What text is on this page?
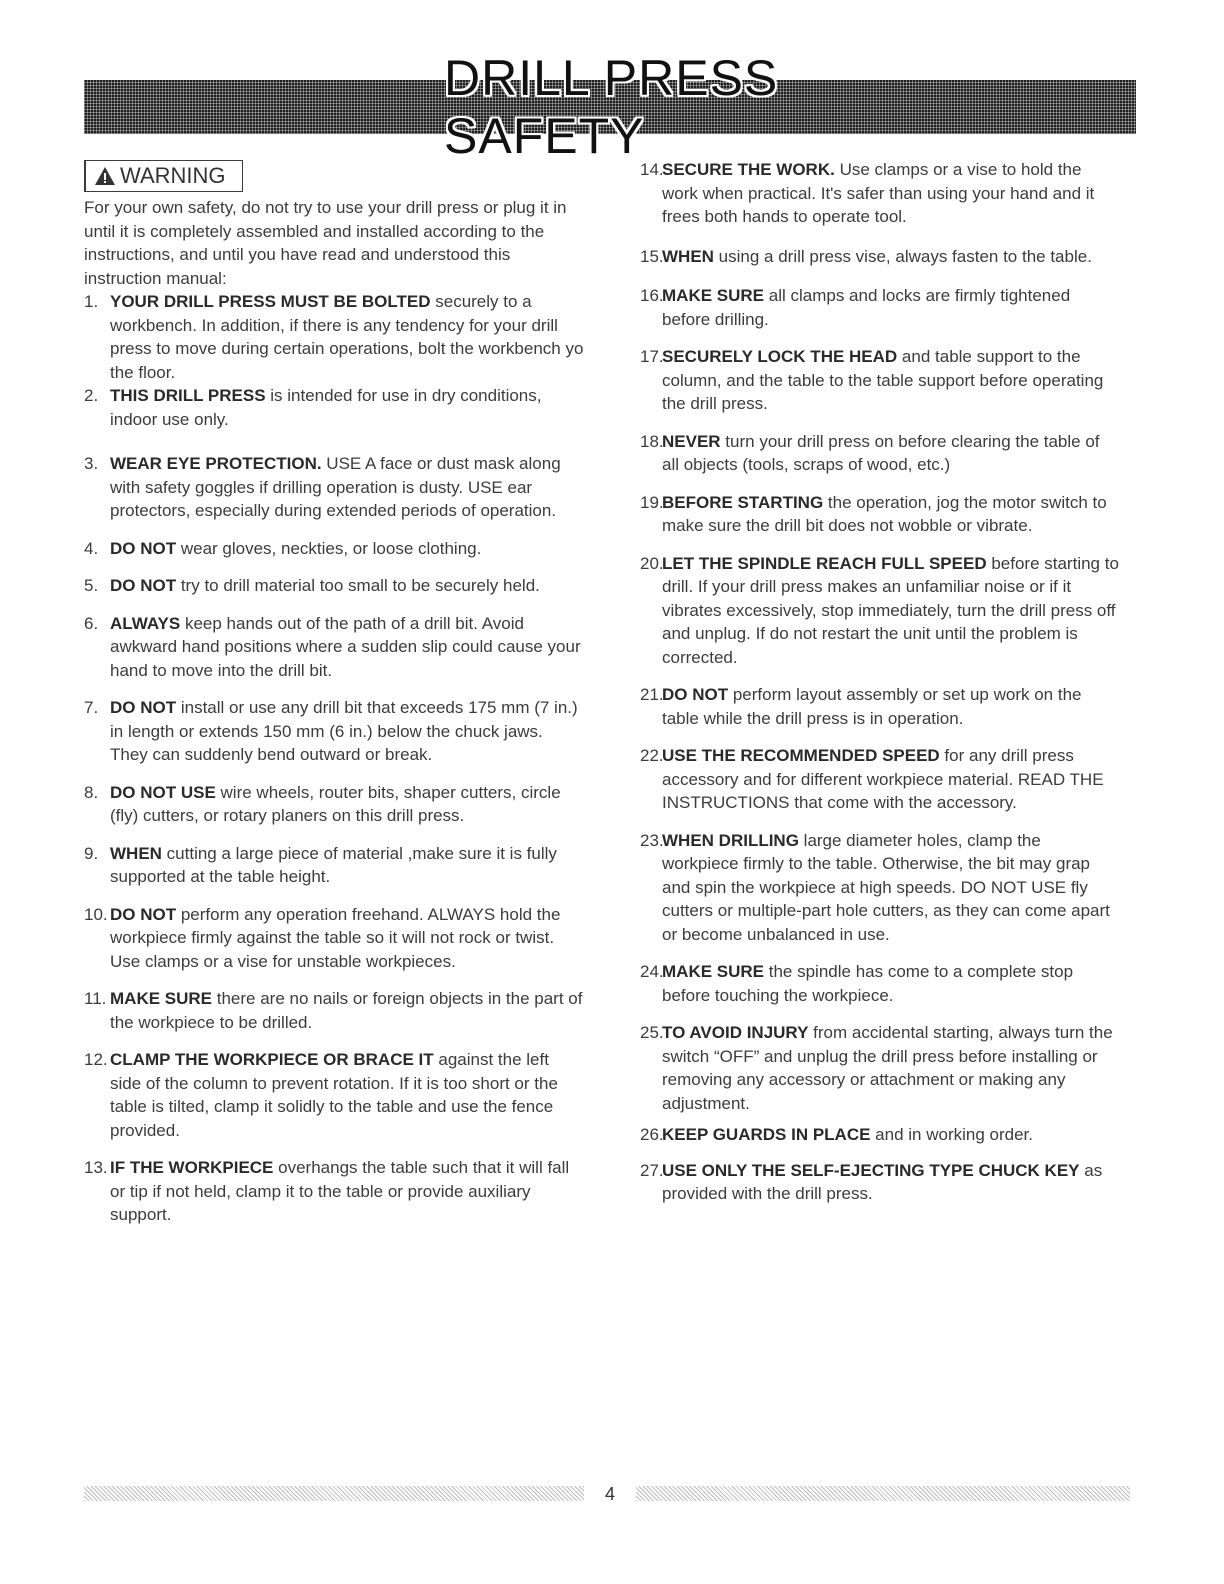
DRILL PRESS SAFETY
WARNING

For your own safety, do not try to use your drill press or plug it in until it is completely assembled and installed according to the instructions, and until you have read and understood this instruction manual:

1. YOUR DRILL PRESS MUST BE BOLTED securely to a workbench. In addition, if there is any tendency for your drill press to move during certain operations, bolt the workbench yo the floor.
2. THIS DRILL PRESS is intended for use in dry conditions, indoor use only.
3. WEAR EYE PROTECTION. USE A face or dust mask along with safety goggles if drilling operation is dusty. USE ear protectors, especially during extended periods of operation.
4. DO NOT wear gloves, neckties, or loose clothing.
5. DO NOT try to drill material too small to be securely held.
6. ALWAYS keep hands out of the path of a drill bit. Avoid awkward hand positions where a sudden slip could cause your hand to move into the drill bit.
7. DO NOT install or use any drill bit that exceeds 175 mm (7 in.) in length or extends 150 mm (6 in.) below the chuck jaws. They can suddenly bend outward or break.
8. DO NOT USE wire wheels, router bits, shaper cutters, circle (fly) cutters, or rotary planers on this drill press.
9. WHEN cutting a large piece of material ,make sure it is fully supported at the table height.
10. DO NOT perform any operation freehand. ALWAYS hold the workpiece firmly against the table so it will not rock or twist. Use clamps or a vise for unstable workpieces.
11. MAKE SURE there are no nails or foreign objects in the part of the workpiece to be drilled.
12. CLAMP THE WORKPIECE OR BRACE IT against the left side of the column to prevent rotation. If it is too short or the table is tilted, clamp it solidly to the table and use the fence provided.
13. IF THE WORKPIECE overhangs the table such that it will fall or tip if not held, clamp it to the table or provide auxiliary support.
14.
SECURE THE WORK. Use clamps or a vise to hold the work when practical. It's safer than using your hand and it frees both hands to operate tool.
15.
WHEN using a drill press vise, always fasten to the table.
16.
MAKE SURE all clamps and locks are firmly tightened before drilling.
17.
SECURELY LOCK THE HEAD and table support to the column, and the table to the table support before operating the drill press.
18.
NEVER turn your drill press on before clearing the table of all objects (tools, scraps of wood, etc.)
19.
BEFORE STARTING the operation, jog the motor switch to make sure the drill bit does not wobble or vibrate.
20.
LET THE SPINDLE REACH FULL SPEED before starting to drill. If your drill press makes an unfamiliar noise or if it vibrates excessively, stop immediately, turn the drill press off and unplug. If do not restart the unit until the problem is corrected.
21.
DO NOT perform layout assembly or set up work on the table while the drill press is in operation.
22.
USE THE RECOMMENDED SPEED for any drill press accessory and for different workpiece material. READ THE INSTRUCTIONS that come with the accessory.
23.
WHEN DRILLING large diameter holes, clamp the workpiece firmly to the table. Otherwise, the bit may grap and spin the workpiece at high speeds. DO NOT USE fly cutters or multiple-part hole cutters, as they can come apart or become unbalanced in use.
24.
MAKE SURE the spindle has come to a complete stop before touching the workpiece.
25.
TO AVOID INJURY from accidental starting, always turn the switch “OFF” and unplug the drill press before installing or removing any accessory or attachment or making any adjustment.
26.
KEEP GUARDS IN PLACE and in working order.
27.
USE ONLY THE SELF-EJECTING TYPE CHUCK KEY as provided with the drill press.
4
